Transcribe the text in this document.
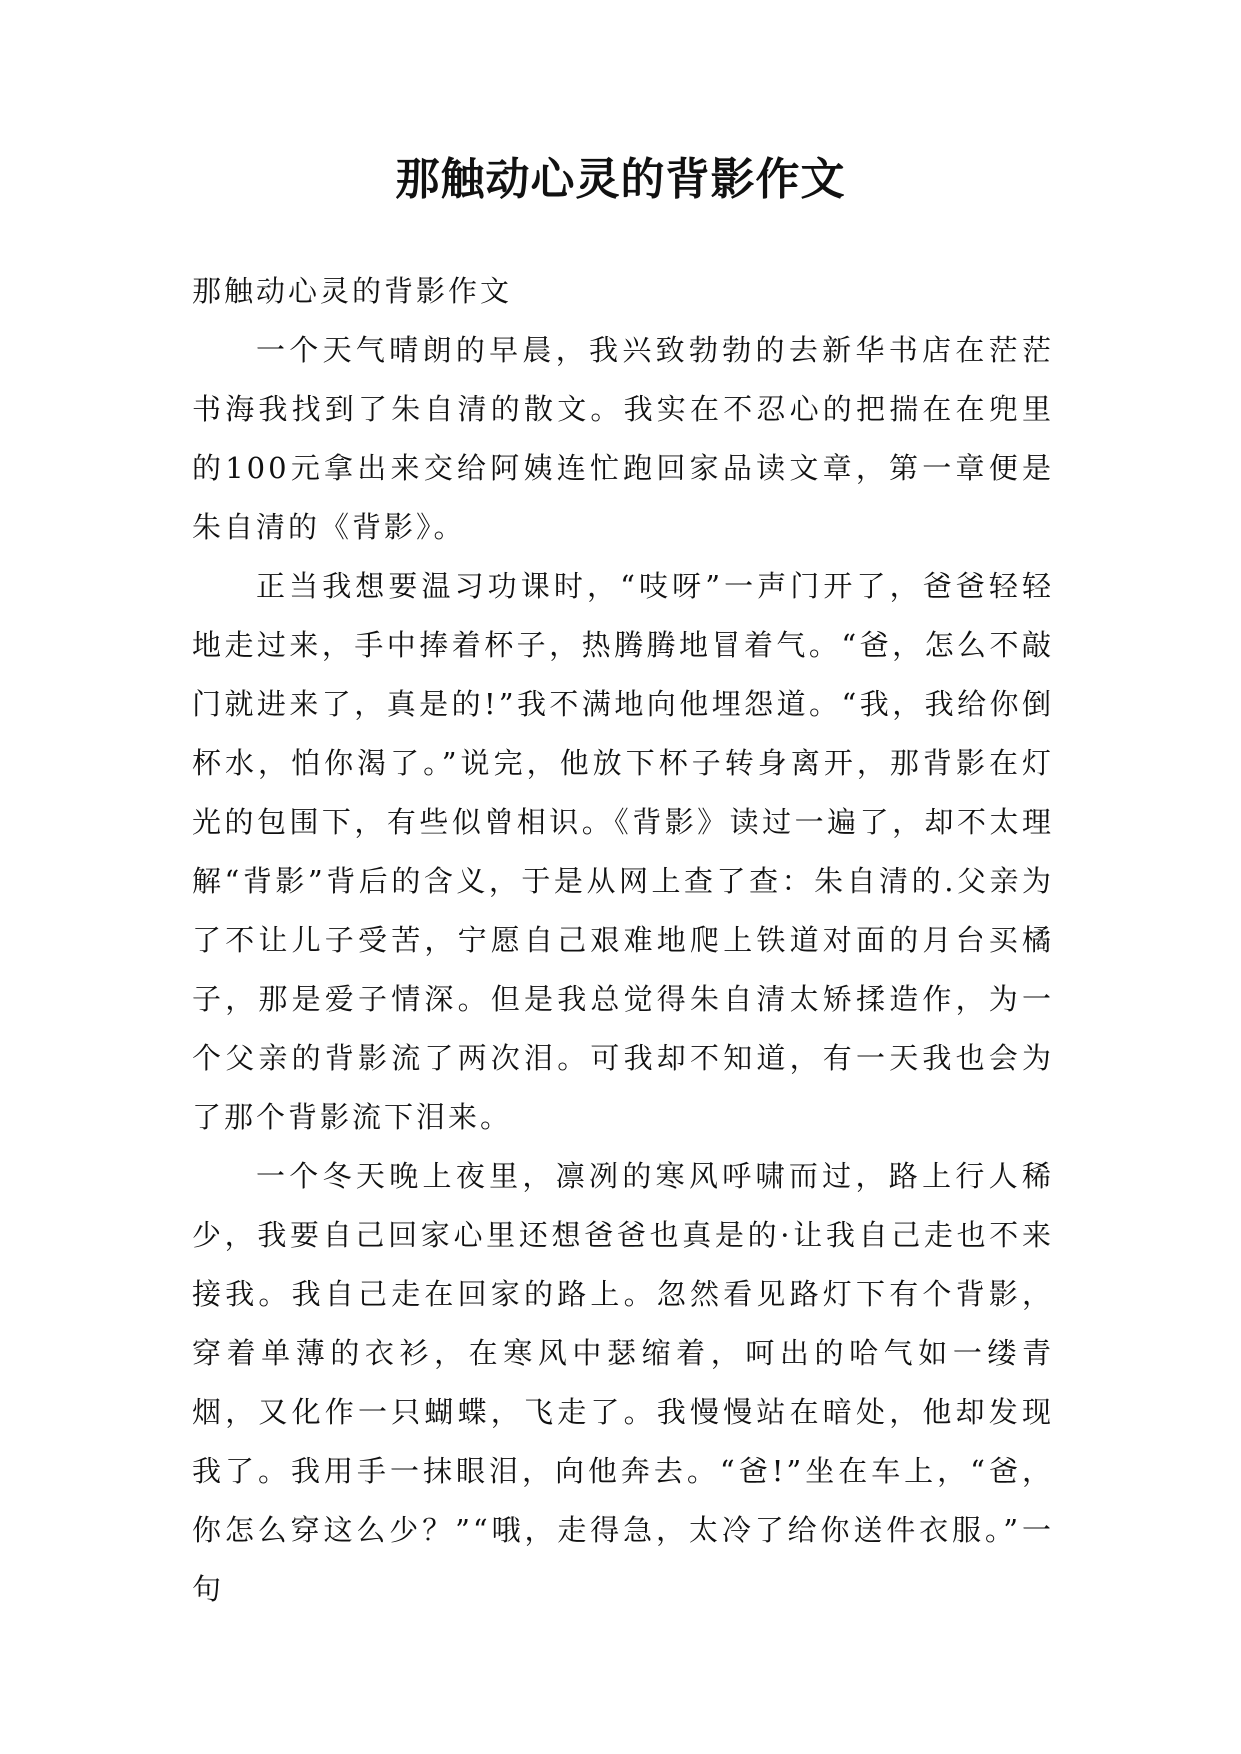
那触动心灵的背影作文

那触动心灵的背影作文

一个天气晴朗的早晨，我兴致勃勃的去新华书店在茫茫书海我找到了朱自清的散文。我实在不忍心的把揣在在兜里的100元拿出来交给阿姨连忙跑回家品读文章，第一章便是朱自清的《背影》。

正当我想要温习功课时，“吱呀”一声门开了，爸爸轻轻地走过来，手中捧着杯子，热腾腾地冒着气。“爸，怎么不敲门就进来了，真是的!”我不满地向他埋怨道。“我，我给你倒杯水，怕你渴了。”说完，他放下杯子转身离开，那背影在灯光的包围下，有些似曾相识。《背影》读过一遍了，却不太理解“背影”背后的含义，于是从网上查了查：朱自清的.父亲为了不让儿子受苦，宁愿自己艰难地爬上铁道对面的月台买橘子，那是爱子情深。但是我总觉得朱自清太矫揉造作，为一个父亲的背影流了两次泪。可我却不知道，有一天我也会为了那个背影流下泪来。

一个冬天晚上夜里，凛冽的寒风呼啸而过，路上行人稀少，我要自己回家心里还想爸爸也真是的·让我自己走也不来接我。我自己走在回家的路上。忽然看见路灯下有个背影，穿着单薄的衣衫，在寒风中瑟缩着，呵出的哈气如一缕青烟，又化作一只蝴蝶，飞走了。我慢慢站在暗处，他却发现我了。我用手一抹眼泪，向他奔去。“爸!”坐在车上，“爸，你怎么穿这么少？”“哦，走得急，太冷了给你送件衣服。”一句
